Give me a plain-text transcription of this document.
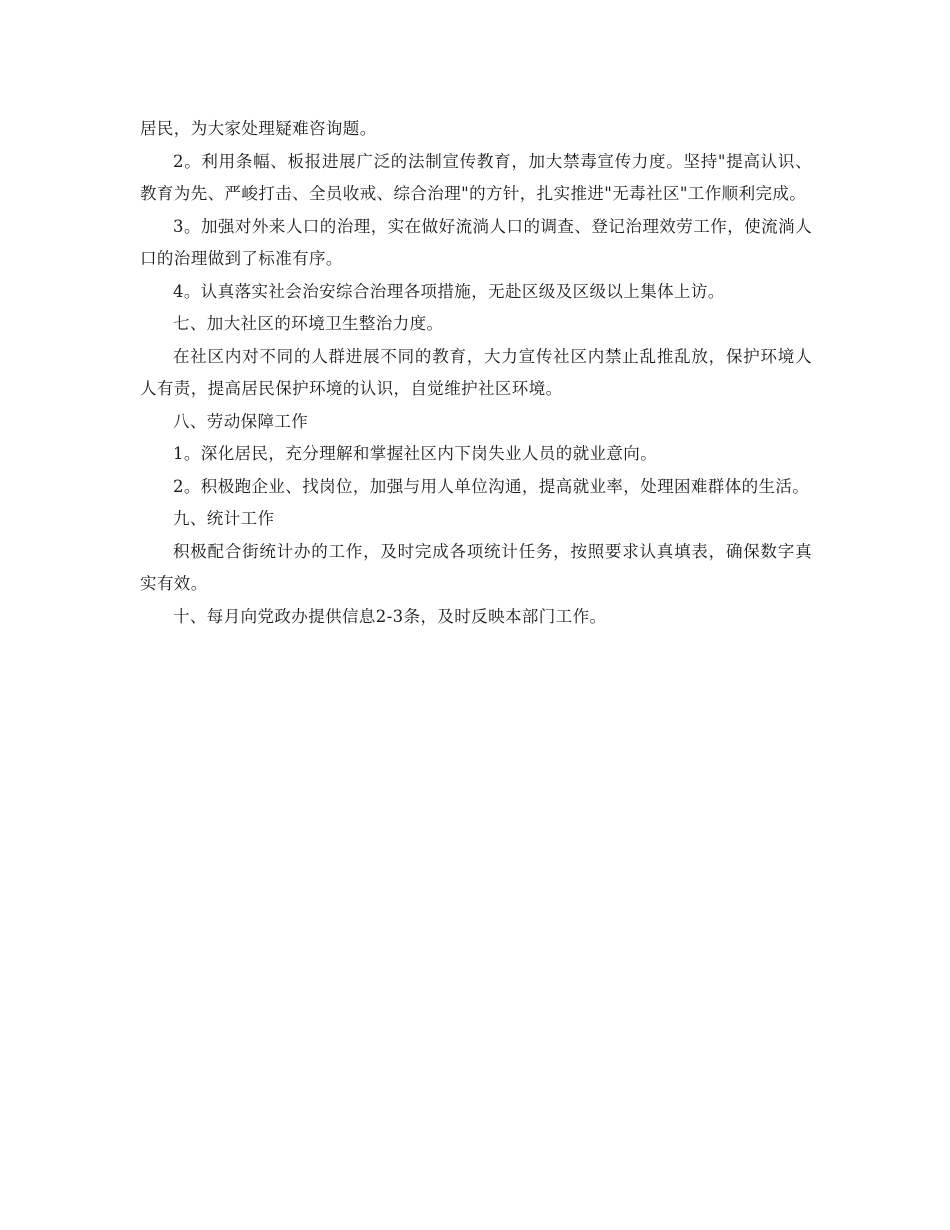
居民，为大家处理疑难咨询题。

2。利用条幅、板报进展广泛的法制宣传教育，加大禁毒宣传力度。坚持"提高认识、教育为先、严峻打击、全员收戒、综合治理"的方针，扎实推进"无毒社区"工作顺利完成。

3。加强对外来人口的治理，实在做好流淌人口的调查、登记治理效劳工作，使流淌人口的治理做到了标准有序。

4。认真落实社会治安综合治理各项措施，无赴区级及区级以上集体上访。

七、加大社区的环境卫生整治力度。

在社区内对不同的人群进展不同的教育，大力宣传社区内禁止乱推乱放，保护环境人人有责，提高居民保护环境的认识，自觉维护社区环境。

八、劳动保障工作

1。深化居民，充分理解和掌握社区内下岗失业人员的就业意向。

2。积极跑企业、找岗位，加强与用人单位沟通，提高就业率，处理困难群体的生活。

九、统计工作

积极配合街统计办的工作，及时完成各项统计任务，按照要求认真填表，确保数字真实有效。

十、每月向党政办提供信息2-3条，及时反映本部门工作。
